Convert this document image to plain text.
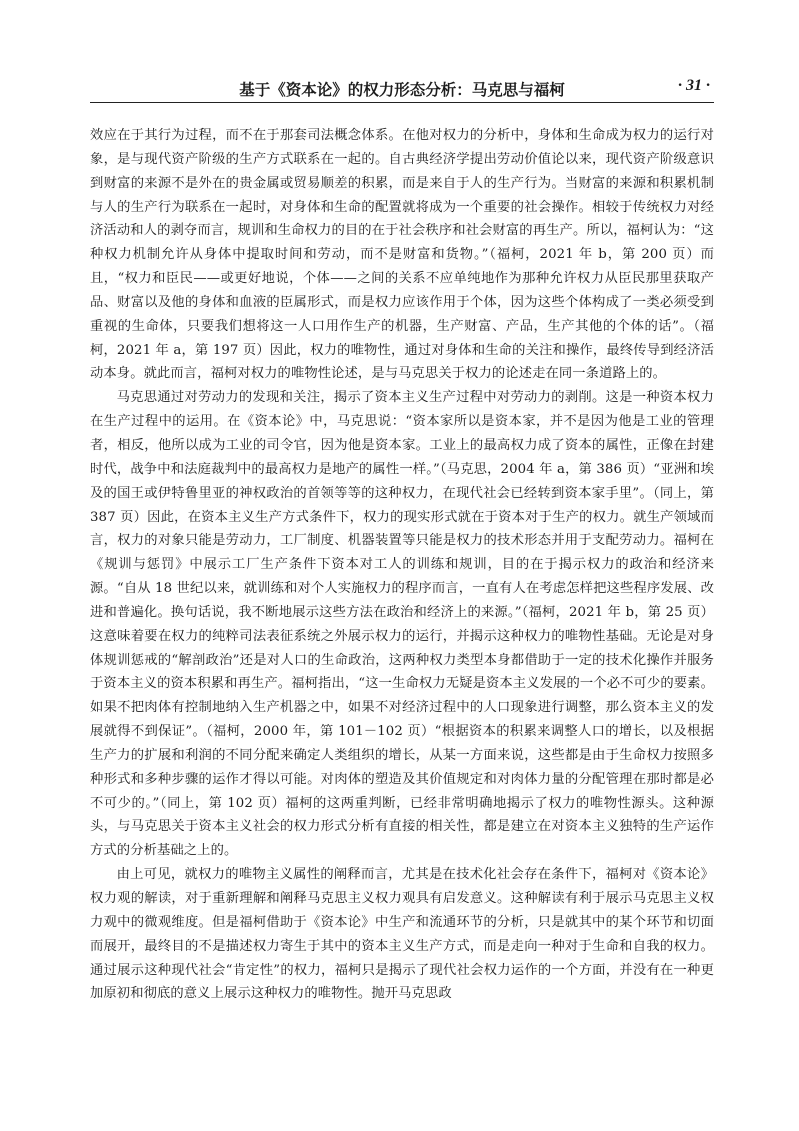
基于《资本论》的权力形态分析：马克思与福柯	· 31 ·

效应在于其行为过程，而不在于那套司法概念体系。在他对权力的分析中，身体和生命成为权力的运行对象，是与现代资产阶级的生产方式联系在一起的。自古典经济学提出劳动价值论以来，现代资产阶级意识到财富的来源不是外在的贵金属或贸易顺差的积累，而是来自于人的生产行为。当财富的来源和积累机制与人的生产行为联系在一起时，对身体和生命的配置就将成为一个重要的社会操作。相较于传统权力对经济活动和人的剥夺而言，规训和生命权力的目的在于社会秩序和社会财富的再生产。所以，福柯认为：“这种权力机制允许从身体中提取时间和劳动，而不是财富和货物。”（福柯，2021 年 b，第 200 页）而且，“权力和臣民——或更好地说，个体——之间的关系不应单纯地作为那种允许权力从臣民那里获取产品、财富以及他的身体和血液的臣属形式，而是权力应该作用于个体，因为这些个体构成了一类必须受到重视的生命体，只要我们想将这一人口用作生产的机器，生产财富、产品，生产其他的个体的话”。（福柯，2021 年 a，第 197 页）因此，权力的唯物性，通过对身体和生命的关注和操作，最终传导到经济活动本身。就此而言，福柯对权力的唯物性论述，是与马克思关于权力的论述走在同一条道路上的。

马克思通过对劳动力的发现和关注，揭示了资本主义生产过程中对劳动力的剥削。这是一种资本权力在生产过程中的运用。在《资本论》中，马克思说：“资本家所以是资本家，并不是因为他是工业的管理者，相反，他所以成为工业的司令官，因为他是资本家。工业上的最高权力成了资本的属性，正像在封建时代，战争中和法庭裁判中的最高权力是地产的属性一样。”（马克思，2004 年 a，第 386 页）“亚洲和埃及的国王或伊特鲁里亚的神权政治的首领等等的这种权力，在现代社会已经转到资本家手里”。（同上，第 387 页）因此，在资本主义生产方式条件下，权力的现实形式就在于资本对于生产的权力。就生产领域而言，权力的对象只能是劳动力，工厂制度、机器装置等只能是权力的技术形态并用于支配劳动力。福柯在《规训与惩罚》中展示工厂生产条件下资本对工人的训练和规训，目的在于揭示权力的政治和经济来源。“自从 18 世纪以来，就训练和对个人实施权力的程序而言，一直有人在考虑怎样把这些程序发展、改进和普遍化。换句话说，我不断地展示这些方法在政治和经济上的来源。”（福柯，2021 年 b，第 25 页）这意味着要在权力的纯粹司法表征系统之外展示权力的运行，并揭示这种权力的唯物性基础。无论是对身体规训惩戒的“解剖政治”还是对人口的生命政治，这两种权力类型本身都借助于一定的技术化操作并服务于资本主义的资本积累和再生产。福柯指出，“这一生命权力无疑是资本主义发展的一个必不可少的要素。如果不把肉体有控制地纳入生产机器之中，如果不对经济过程中的人口现象进行调整，那么资本主义的发展就得不到保证”。（福柯，2000 年，第 101－102 页）“根据资本的积累来调整人口的增长，以及根据生产力的扩展和利润的不同分配来确定人类组织的增长，从某一方面来说，这些都是由于生命权力按照多种形式和多种步骤的运作才得以可能。对肉体的塑造及其价值规定和对肉体力量的分配管理在那时都是必不可少的。”（同上，第 102 页）福柯的这两重判断，已经非常明确地揭示了权力的唯物性源头。这种源头，与马克思关于资本主义社会的权力形式分析有直接的相关性，都是建立在对资本主义独特的生产运作方式的分析基础之上的。

由上可见，就权力的唯物主义属性的阐释而言，尤其是在技术化社会存在条件下，福柯对《资本论》权力观的解读，对于重新理解和阐释马克思主义权力观具有启发意义。这种解读有利于展示马克思主义权力观中的微观维度。但是福柯借助于《资本论》中生产和流通环节的分析，只是就其中的某个环节和切面而展开，最终目的不是描述权力寄生于其中的资本主义生产方式，而是走向一种对于生命和自我的权力。通过展示这种现代社会“肯定性”的权力，福柯只是揭示了现代社会权力运作的一个方面，并没有在一种更加原初和彻底的意义上展示这种权力的唯物性。抛开马克思政
